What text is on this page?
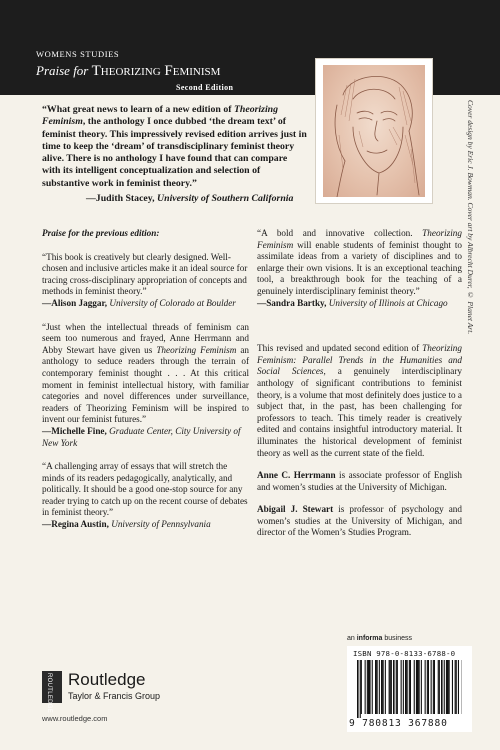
WOMENS STUDIES
Praise for Theorizing Feminism
Second Edition
Cover design by Eric J. Bowman. Cover art by Albrecht Durer, © Planet Art.
“What great news to learn of a new edition of Theorizing Feminism, the anthology I once dubbed ‘the dream text’ of feminist theory. This impressively revised edition arrives just in time to keep the ‘dream’ of transdisciplinary feminist theory alive. There is no anthology I have found that can compare with its intelligent conceptualization and selection of substantive work in feminist theory.”
—Judith Stacey, University of Southern California
Praise for the previous edition:
“This book is creatively but clearly designed. Well-chosen and inclusive articles make it an ideal source for tracing cross-disciplinary appropriation of concepts and methods in feminist theory.”
—Alison Jaggar, University of Colorado at Boulder
“Just when the intellectual threads of feminism can seem too numerous and frayed, Anne Herrmann and Abby Stewart have given us Theorizing Feminism an anthology to seduce readers through the terrain of contemporary feminist thought . . . At this critical moment in feminist intellectual history, with familiar categories and novel differences under surveillance, readers of Theorizing Feminism will be inspired to invent our feminist futures.”
—Michelle Fine, Graduate Center, City University of New York
“A challenging array of essays that will stretch the minds of its readers pedagogically, analytically, and politically. It should be a good one-stop source for any reader trying to catch up on the recent course of debates in feminist theory.”
—Regina Austin, University of Pennsylvania
“A bold and innovative collection. Theorizing Feminism will enable students of feminist thought to assimilate ideas from a variety of disciplines and to enlarge their own visions. It is an exceptional teaching tool, a breakthrough book for the teaching of a genuinely interdisciplinary feminist theory.”
—Sandra Bartky, University of Illinois at Chicago
This revised and updated second edition of Theorizing Feminism: Parallel Trends in the Humanities and Social Sciences, a genuinely interdisciplinary anthology of significant contributions to feminist theory, is a volume that most definitely does justice to a subject that, in the past, has been challenging for professors to teach. This timely reader is creatively edited and contains insightful introductory material. It illuminates the historical development of feminist theory as well as the current state of the field.
Anne C. Herrmann is associate professor of English and women’s studies at the University of Michigan.
Abigail J. Stewart is professor of psychology and women’s studies at the University of Michigan, and director of the Women’s Studies Program.
ROUTLEDGE Routledge
Taylor & Francis Group
www.routledge.com
an informa business
ISBN 978-0-8133-6788-0
9 780813 367880
